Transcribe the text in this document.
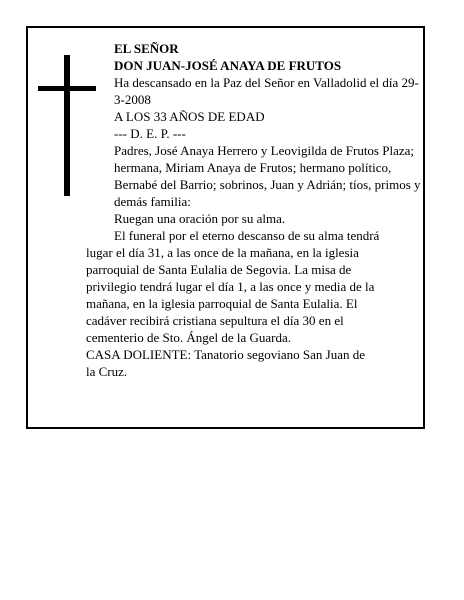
EL SEÑOR

DON JUAN-JOSÉ ANAYA DE FRUTOS

Ha descansado en la Paz del Señor en Valladolid el día 29-3-2008

A LOS 33 AÑOS DE EDAD

--- D. E. P. ---

Padres, José Anaya Herrero y Leovigilda de Frutos Plaza; hermana, Miriam Anaya de Frutos; hermano político, Bernabé del Barrio; sobrinos, Juan y Adrián; tíos, primos y demás familia:

Ruegan una oración por su alma.

El funeral por el eterno descanso de su alma tendrá

lugar el día 31, a las once de la mañana, en la iglesia

parroquial de Santa Eulalia de Segovia. La misa de

privilegio tendrá lugar el día 1, a las once y media de la

mañana, en la iglesia parroquial de Santa Eulalia. El

cadáver recibirá cristiana sepultura el día 30 en el

cementerio de Sto. Ángel de la Guarda.

CASA DOLIENTE: Tanatorio segoviano San Juan de

la Cruz.
